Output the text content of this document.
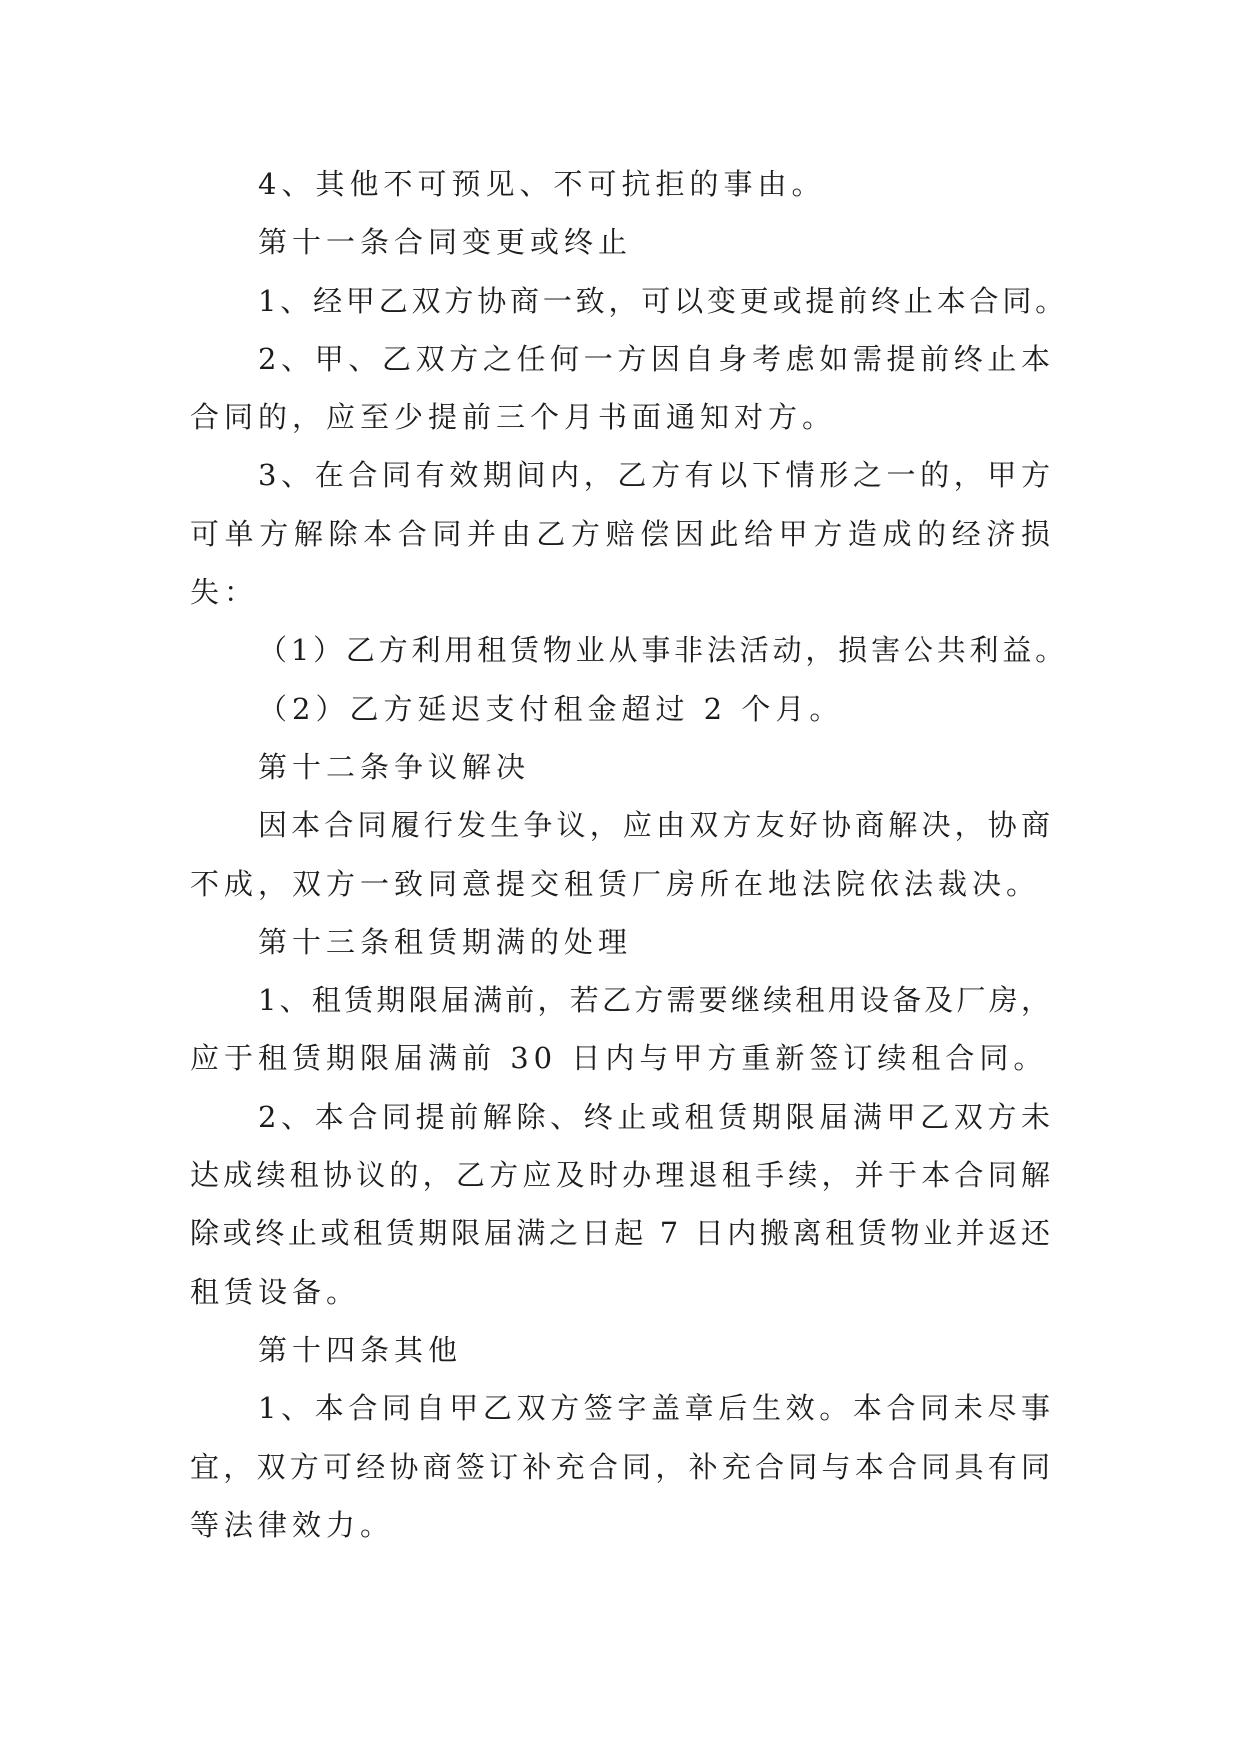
4、其他不可预见、不可抗拒的事由。
第十一条合同变更或终止
1、经甲乙双方协商一致，可以变更或提前终止本合同。
2、甲、乙双方之任何一方因自身考虑如需提前终止本
合同的，应至少提前三个月书面通知对方。
3、在合同有效期间内，乙方有以下情形之一的，甲方
可单方解除本合同并由乙方赔偿因此给甲方造成的经济损
失：
（1）乙方利用租赁物业从事非法活动，损害公共利益。
（2）乙方延迟支付租金超过 2 个月。
第十二条争议解决
因本合同履行发生争议，应由双方友好协商解决，协商
不成，双方一致同意提交租赁厂房所在地法院依法裁决。
第十三条租赁期满的处理
1、租赁期限届满前，若乙方需要继续租用设备及厂房，
应于租赁期限届满前 30 日内与甲方重新签订续租合同。
2、本合同提前解除、终止或租赁期限届满甲乙双方未
达成续租协议的，乙方应及时办理退租手续，并于本合同解
除或终止或租赁期限届满之日起 7 日内搬离租赁物业并返还
租赁设备。
第十四条其他
1、本合同自甲乙双方签字盖章后生效。本合同未尽事
宜，双方可经协商签订补充合同，补充合同与本合同具有同
等法律效力。
